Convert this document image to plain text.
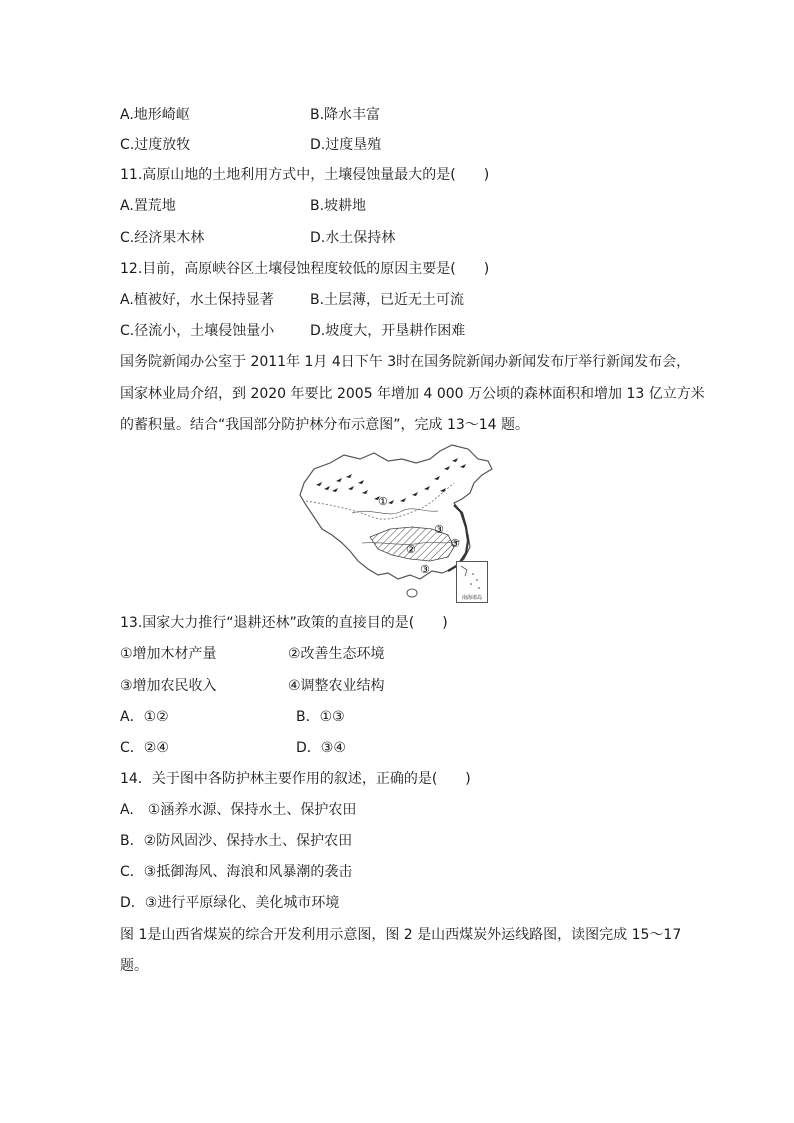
A.地形崎岖	B.降水丰富
C.过度放牧	D.过度垦殖
11.高原山地的土地利用方式中，土壤侵蚀量最大的是(　　)
A.置荒地	B.坡耕地
C.经济果木林	D.水土保持林
12.目前，高原峡谷区土壤侵蚀程度较低的原因主要是(　　)
A.植被好，水土保持显著	B.土层薄，已近无土可流
C.径流小，土壤侵蚀量小	D.坡度大，开垦耕作困难
国务院新闻办公室于 2011年 1月 4日下午 3时在国务院新闻办新闻发布厅举行新闻发布会，
国家林业局介绍，到 2020 年要比 2005 年增加 4 000 万公顷的森林面积和增加 13 亿立方米
的蓄积量。结合“我国部分防护林分布示意图”，完成 13～14 题。
①
②
③
③
③
南海诸岛
13.国家大力推行“退耕还林”政策的直接目的是(　　)
①增加木材产量	②改善生态环境
③增加农民收入	④调整农业结构
A．①②	B．①③
C．②④	D．③④
14．关于图中各防护林主要作用的叙述，正确的是(　　)
A.　①涵养水源、保持水土、保护农田
B．②防风固沙、保持水土、保护农田
C．③抵御海风、海浪和风暴潮的袭击
D．③进行平原绿化、美化城市环境
图 1是山西省煤炭的综合开发利用示意图，图 2 是山西煤炭外运线路图，读图完成 15～17
题。
